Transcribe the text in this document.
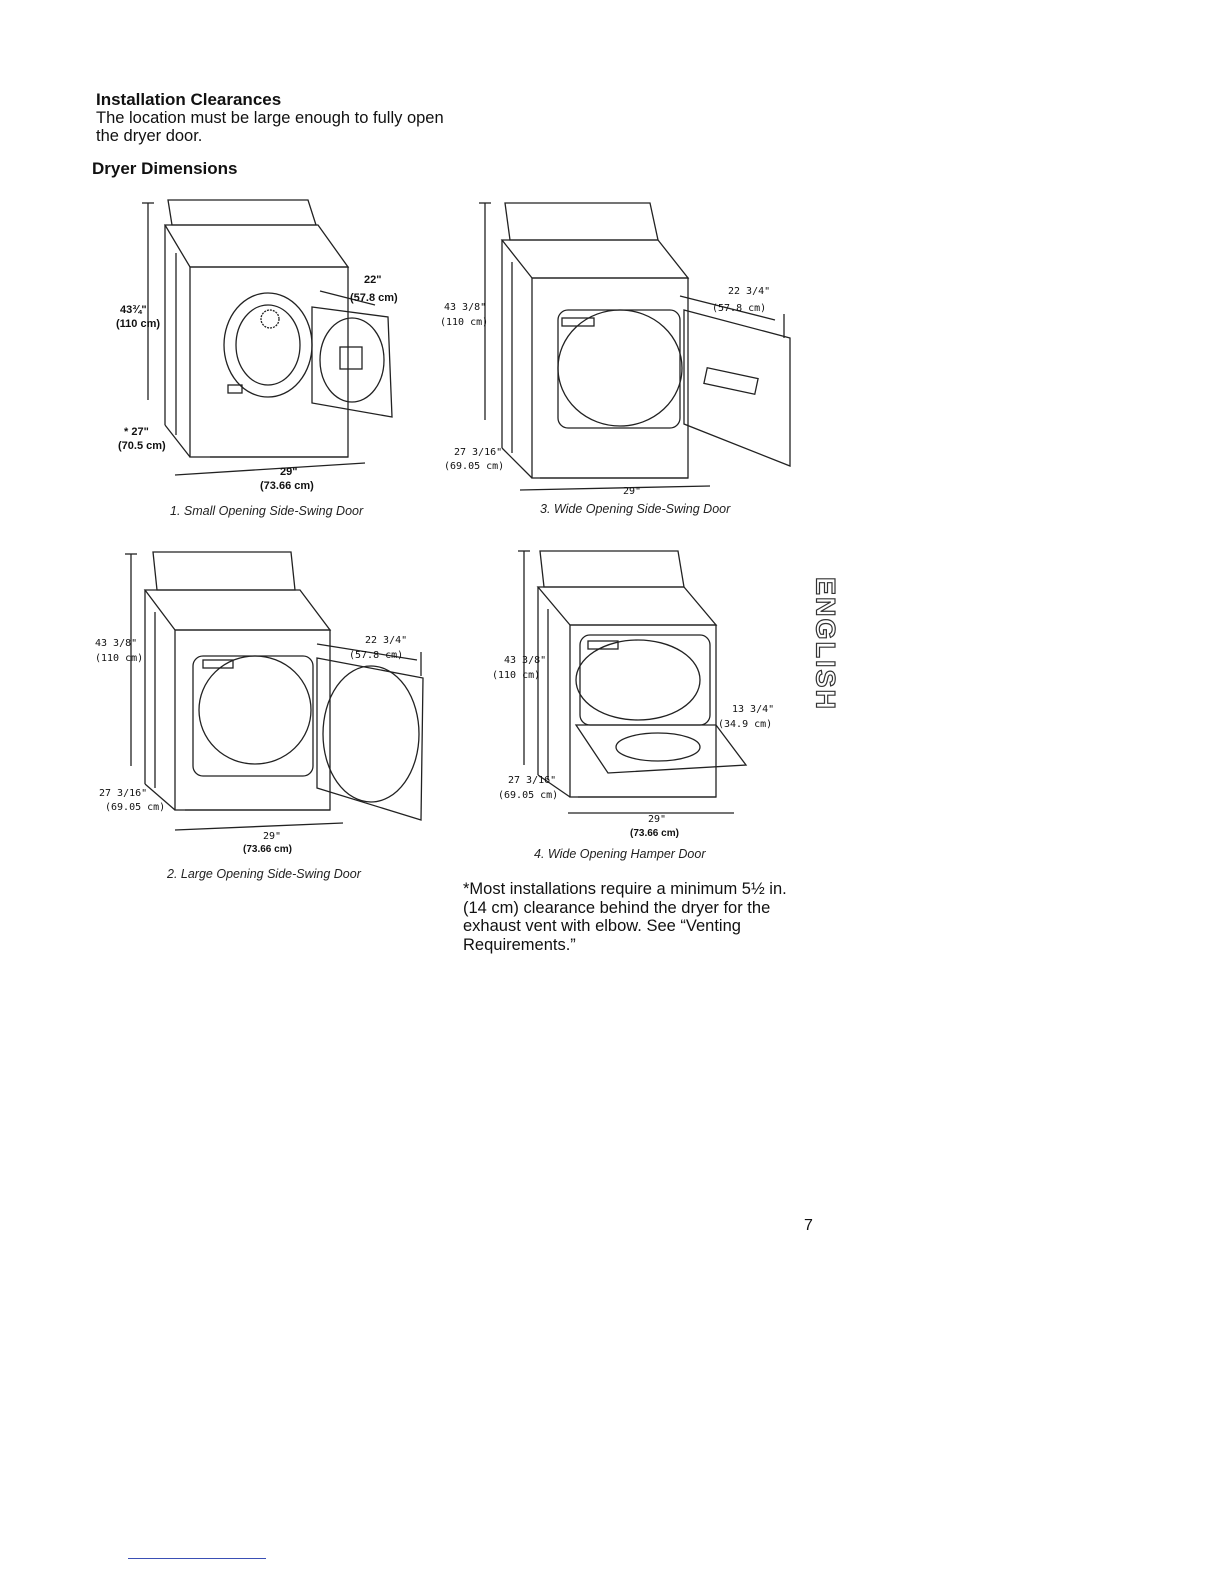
Installation Clearances
The location must be large enough to fully open the dryer door.
Dryer Dimensions
43¾"
(110 cm)
* 27"
(70.5 cm)
22"
(57.8 cm)
29"
(73.66 cm)
1. Small Opening Side-Swing Door
43 3/8"
(110 cm)
27 3/16"
(69.05 cm)
22 3/4"
(57.8 cm)
29"
3. Wide Opening Side-Swing Door
43 3/8"
(110 cm)
27 3/16"
(69.05 cm)
22 3/4"
(57.8 cm)
29"
(73.66 cm)
2. Large Opening Side-Swing Door
43 3/8"
(110 cm)
27 3/16"
(69.05 cm)
13 3/4"
(34.9 cm)
29"
(73.66 cm)
4. Wide Opening Hamper Door
*Most installations require a minimum 5½ in. (14 cm) clearance behind the dryer for the exhaust vent with elbow. See “Venting Requirements.”
ENGLISH
7
